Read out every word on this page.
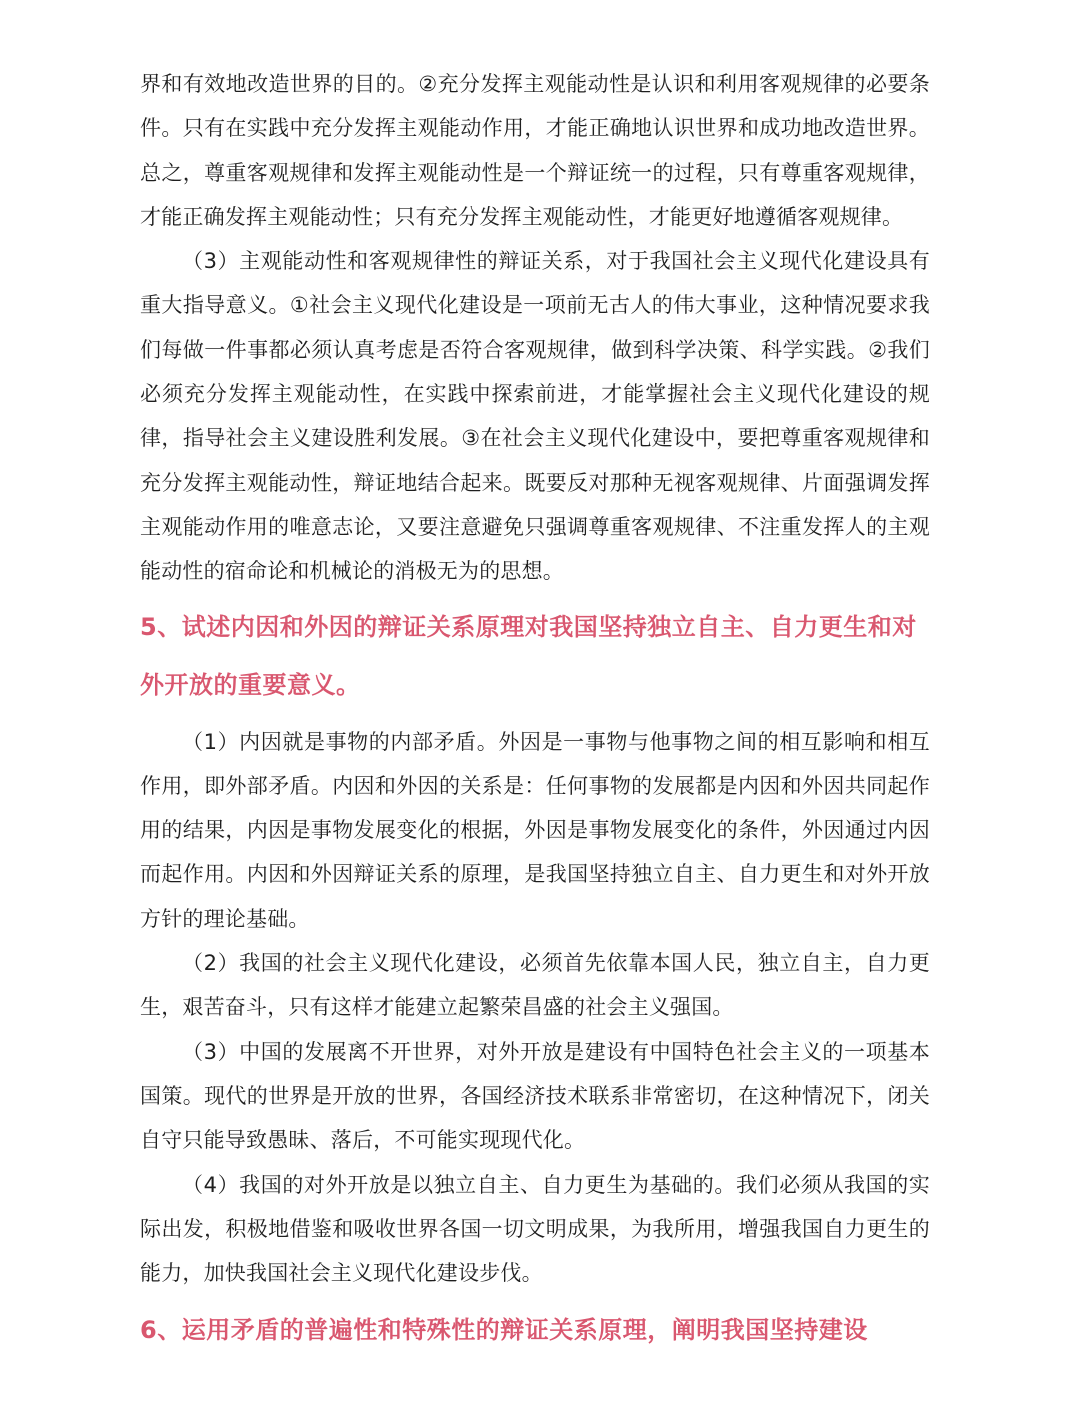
界和有效地改造世界的目的。②充分发挥主观能动性是认识和利用客观规律的必要条件。只有在实践中充分发挥主观能动作用，才能正确地认识世界和成功地改造世界。总之，尊重客观规律和发挥主观能动性是一个辩证统一的过程，只有尊重客观规律，才能正确发挥主观能动性；只有充分发挥主观能动性，才能更好地遵循客观规律。

（3）主观能动性和客观规律性的辩证关系，对于我国社会主义现代化建设具有重大指导意义。①社会主义现代化建设是一项前无古人的伟大事业，这种情况要求我们每做一件事都必须认真考虑是否符合客观规律，做到科学决策、科学实践。②我们必须充分发挥主观能动性，在实践中探索前进，才能掌握社会主义现代化建设的规律，指导社会主义建设胜利发展。③在社会主义现代化建设中，要把尊重客观规律和充分发挥主观能动性，辩证地结合起来。既要反对那种无视客观规律、片面强调发挥主观能动作用的唯意志论，又要注意避免只强调尊重客观规律、不注重发挥人的主观能动性的宿命论和机械论的消极无为的思想。

5、试述内因和外因的辩证关系原理对我国坚持独立自主、自力更生和对外开放的重要意义。

（1）内因就是事物的内部矛盾。外因是一事物与他事物之间的相互影响和相互作用，即外部矛盾。内因和外因的关系是：任何事物的发展都是内因和外因共同起作用的结果，内因是事物发展变化的根据，外因是事物发展变化的条件，外因通过内因而起作用。内因和外因辩证关系的原理，是我国坚持独立自主、自力更生和对外开放方针的理论基础。

（2）我国的社会主义现代化建设，必须首先依靠本国人民，独立自主，自力更生，艰苦奋斗，只有这样才能建立起繁荣昌盛的社会主义强国。

（3）中国的发展离不开世界，对外开放是建设有中国特色社会主义的一项基本国策。现代的世界是开放的世界，各国经济技术联系非常密切，在这种情况下，闭关自守只能导致愚昧、落后，不可能实现现代化。

（4）我国的对外开放是以独立自主、自力更生为基础的。我们必须从我国的实际出发，积极地借鉴和吸收世界各国一切文明成果，为我所用，增强我国自力更生的能力，加快我国社会主义现代化建设步伐。

6、运用矛盾的普遍性和特殊性的辩证关系原理，阐明我国坚持建设
